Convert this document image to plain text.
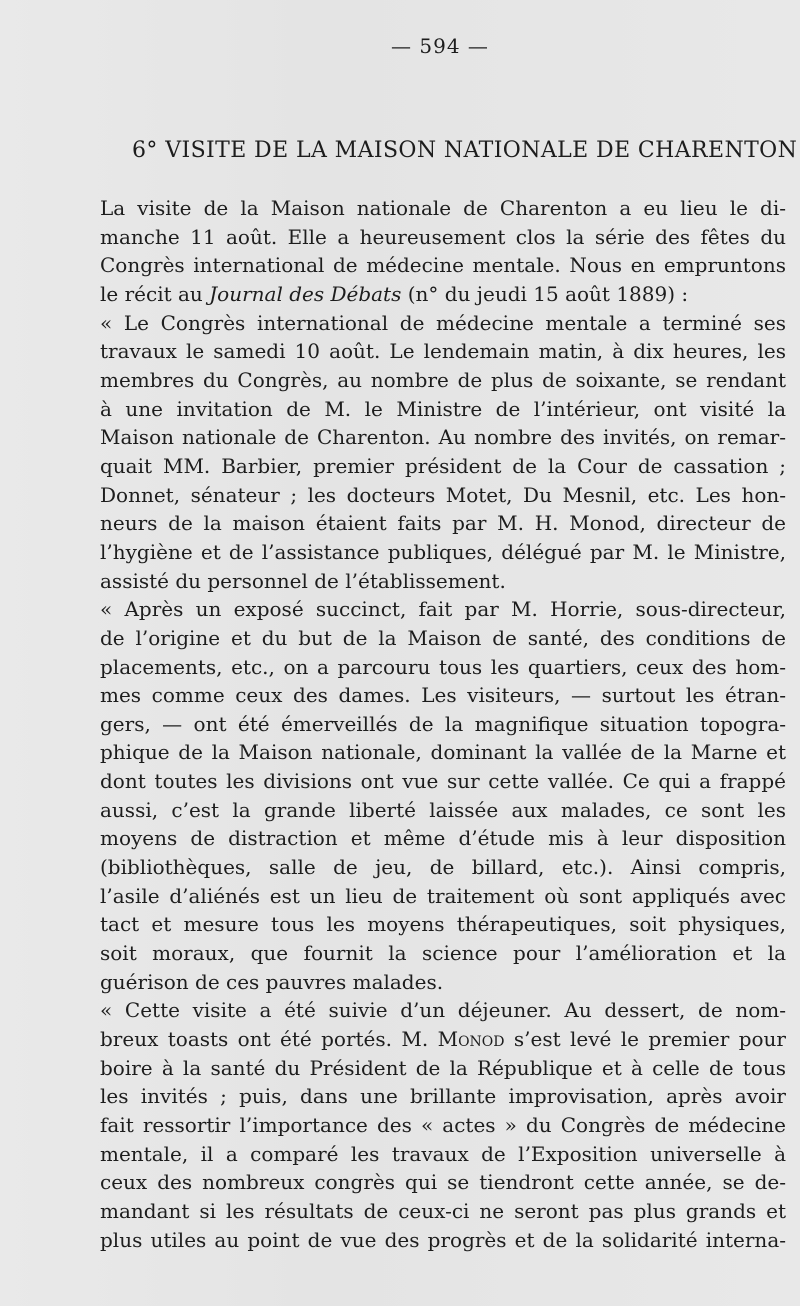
— 594 —
6° VISITE DE LA MAISON NATIONALE DE CHARENTON
La visite de la Maison nationale de Charenton a eu lieu le di-
manche 11 août. Elle a heureusement clos la série des fêtes du
Congrès international de médecine mentale. Nous en empruntons
le récit au Journal des Débats (n° du jeudi 15 août 1889) :
« Le Congrès international de médecine mentale a terminé ses
travaux le samedi 10 août. Le lendemain matin, à dix heures, les
membres du Congrès, au nombre de plus de soixante, se rendant
à une invitation de M. le Ministre de l’intérieur, ont visité la
Maison nationale de Charenton. Au nombre des invités, on remar-
quait MM. Barbier, premier président de la Cour de cassation ;
Donnet, sénateur ; les docteurs Motet, Du Mesnil, etc. Les hon-
neurs de la maison étaient faits par M. H. Monod, directeur de
l’hygiène et de l’assistance publiques, délégué par M. le Ministre,
assisté du personnel de l’établissement.
« Après un exposé succinct, fait par M. Horrie, sous-directeur,
de l’origine et du but de la Maison de santé, des conditions de
placements, etc., on a parcouru tous les quartiers, ceux des hom-
mes comme ceux des dames. Les visiteurs, — surtout les étran-
gers, — ont été émerveillés de la magnifique situation topogra-
phique de la Maison nationale, dominant la vallée de la Marne et
dont toutes les divisions ont vue sur cette vallée. Ce qui a frappé
aussi, c’est la grande liberté laissée aux malades, ce sont les
moyens de distraction et même d’étude mis à leur disposition
(bibliothèques, salle de jeu, de billard, etc.). Ainsi compris,
l’asile d’aliénés est un lieu de traitement où sont appliqués avec
tact et mesure tous les moyens thérapeutiques, soit physiques,
soit moraux, que fournit la science pour l’amélioration et la
guérison de ces pauvres malades.
« Cette visite a été suivie d’un déjeuner. Au dessert, de nom-
breux toasts ont été portés. M. Monod s’est levé le premier pour
boire à la santé du Président de la République et à celle de tous
les invités ; puis, dans une brillante improvisation, après avoir
fait ressortir l’importance des « actes » du Congrès de médecine
mentale, il a comparé les travaux de l’Exposition universelle à
ceux des nombreux congrès qui se tiendront cette année, se de-
mandant si les résultats de ceux-ci ne seront pas plus grands et
plus utiles au point de vue des progrès et de la solidarité interna-
